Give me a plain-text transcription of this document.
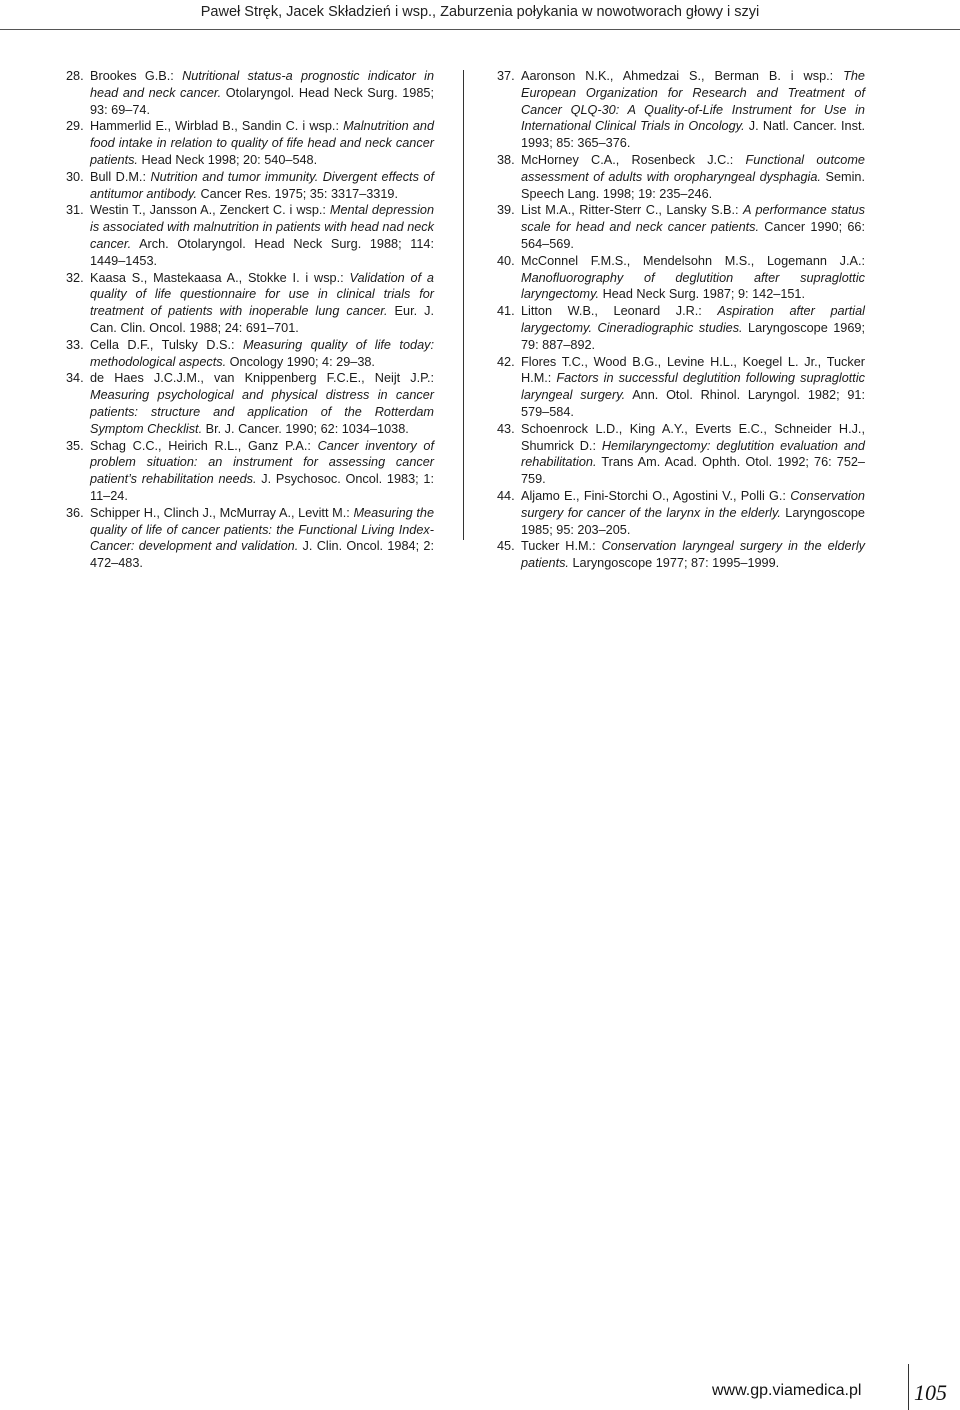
Paweł Stręk, Jacek Składzień i wsp., Zaburzenia połykania w nowotworach głowy i szyi
28. Brookes G.B.: Nutritional status-a prognostic indicator in head and neck cancer. Otolaryngol. Head Neck Surg. 1985; 93: 69–74.
29. Hammerlid E., Wirblad B., Sandin C. i wsp.: Malnutrition and food intake in relation to quality of fife head and neck cancer patients. Head Neck 1998; 20: 540–548.
30. Bull D.M.: Nutrition and tumor immunity. Divergent effects of antitumor antibody. Cancer Res. 1975; 35: 3317–3319.
31. Westin T., Jansson A., Zenckert C. i wsp.: Mental depression is associated with malnutrition in patients with head nad neck cancer. Arch. Otolaryngol. Head Neck Surg. 1988; 114: 1449–1453.
32. Kaasa S., Mastekaasa A., Stokke I. i wsp.: Validation of a quality of life questionnaire for use in clinical trials for treatment of patients with inoperable lung cancer. Eur. J. Can. Clin. Oncol. 1988; 24: 691–701.
33. Cella D.F., Tulsky D.S.: Measuring quality of life today: methodological aspects. Oncology 1990; 4: 29–38.
34. de Haes J.C.J.M., van Knippenberg F.C.E., Neijt J.P.: Measuring psychological and physical distress in cancer patients: structure and application of the Rotterdam Symptom Checklist. Br. J. Cancer. 1990; 62: 1034–1038.
35. Schag C.C., Heirich R.L., Ganz P.A.: Cancer inventory of problem situation: an instrument for assessing cancer patient’s rehabilitation needs. J. Psychosoc. Oncol. 1983; 1: 11–24.
36. Schipper H., Clinch J., McMurray A., Levitt M.: Measuring the quality of life of cancer patients: the Functional Living Index-Cancer: development and validation. J. Clin. Oncol. 1984; 2: 472–483.
37. Aaronson N.K., Ahmedzai S., Berman B. i wsp.: The European Organization for Research and Treatment of Cancer QLQ-30: A Quality-of-Life Instrument for Use in International Clinical Trials in Oncology. J. Natl. Cancer. Inst. 1993; 85: 365–376.
38. McHorney C.A., Rosenbeck J.C.: Functional outcome assessment of adults with oropharyngeal dysphagia. Semin. Speech Lang. 1998; 19: 235–246.
39. List M.A., Ritter-Sterr C., Lansky S.B.: A performance status scale for head and neck cancer patients. Cancer 1990; 66: 564–569.
40. McConnel F.M.S., Mendelsohn M.S., Logemann J.A.: Manofluorography of deglutition after supraglottic laryngectomy. Head Neck Surg. 1987; 9: 142–151.
41. Litton W.B., Leonard J.R.: Aspiration after partial larygectomy. Cineradiographic studies. Laryngoscope 1969; 79: 887–892.
42. Flores T.C., Wood B.G., Levine H.L., Koegel L. Jr., Tucker H.M.: Factors in successful deglutition following supraglottic laryngeal surgery. Ann. Otol. Rhinol. Laryngol. 1982; 91: 579–584.
43. Schoenrock L.D., King A.Y., Everts E.C., Schneider H.J., Shumrick D.: Hemilaryngectomy: deglutition evaluation and rehabilitation. Trans Am. Acad. Ophth. Otol. 1992; 76: 752–759.
44. Aljamo E., Fini-Storchi O., Agostini V., Polli G.: Conservation surgery for cancer of the larynx in the elderly. Laryngoscope 1985; 95: 203–205.
45. Tucker H.M.: Conservation laryngeal surgery in the elderly patients. Laryngoscope 1977; 87: 1995–1999.
www.gp.viamedica.pl 105
